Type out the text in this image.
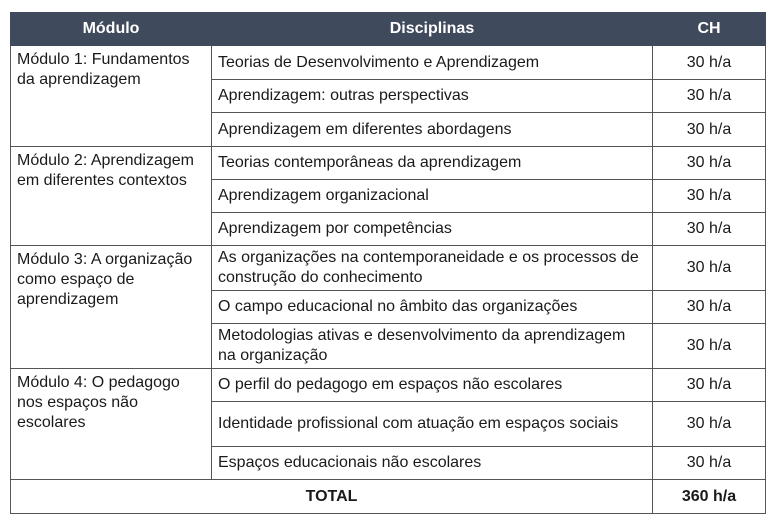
Módulo	Disciplinas	CH
Módulo 1: Fundamentos da aprendizagem	Teorias de Desenvolvimento e Aprendizagem	30 h/a
	Aprendizagem: outras perspectivas	30 h/a
	Aprendizagem em diferentes abordagens	30 h/a
Módulo 2: Aprendizagem em diferentes contextos	Teorias contemporâneas da aprendizagem	30 h/a
	Aprendizagem organizacional	30 h/a
	Aprendizagem por competências	30 h/a
Módulo 3: A organização como espaço de aprendizagem	As organizações na contemporaneidade e os processos de construção do conhecimento	30 h/a
	O campo educacional no âmbito das organizações	30 h/a
	Metodologias ativas e desenvolvimento da aprendizagem na organização	30 h/a
Módulo 4: O pedagogo nos espaços não escolares	O perfil do pedagogo em espaços não escolares	30 h/a
	Identidade profissional com atuação em espaços sociais	30 h/a
	Espaços educacionais não escolares	30 h/a
TOTAL		360 h/a
